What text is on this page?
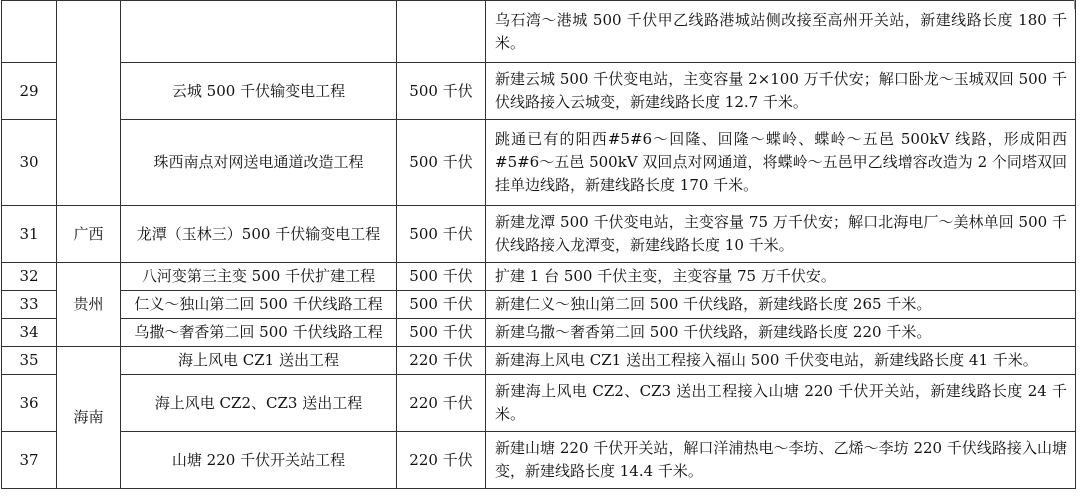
				乌石湾～港城 500 千伏甲乙线路港城站侧改接至高州开关站，新建线路长度 180 千米。
29		云城 500 千伏输变电工程	500 千伏	新建云城 500 千伏变电站，主变容量 2×100 万千伏安；解口卧龙～玉城双回 500 千伏线路接入云城变，新建线路长度 12.7 千米。
30		珠西南点对网送电通道改造工程	500 千伏	跳通已有的阳西#5#6～回隆、回隆～蝶岭、蝶岭～五邑 500kV 线路，形成阳西#5#6～五邑 500kV 双回点对网通道，将蝶岭～五邑甲乙线增容改造为 2 个同塔双回挂单边线路，新建线路长度 170 千米。
31	广西	龙潭（玉林三）500 千伏输变电工程	500 千伏	新建龙潭 500 千伏变电站，主变容量 75 万千伏安；解口北海电厂～美林单回 500 千伏线路接入龙潭变，新建线路长度 10 千米。
32	贵州	八河变第三主变 500 千伏扩建工程	500 千伏	扩建 1 台 500 千伏主变，主变容量 75 万千伏安。
33		仁义～独山第二回 500 千伏线路工程	500 千伏	新建仁义～独山第二回 500 千伏线路，新建线路长度 265 千米。
34		乌撒～奢香第二回 500 千伏线路工程	500 千伏	新建乌撒～奢香第二回 500 千伏线路，新建线路长度 220 千米。
35	海南	海上风电 CZ1 送出工程	220 千伏	新建海上风电 CZ1 送出工程接入福山 500 千伏变电站，新建线路长度 41 千米。
36		海上风电 CZ2、CZ3 送出工程	220 千伏	新建海上风电 CZ2、CZ3 送出工程接入山塘 220 千伏开关站，新建线路长度 24 千米。
37		山塘 220 千伏开关站工程	220 千伏	新建山塘 220 千伏开关站，解口洋浦热电～李坊、乙烯～李坊 220 千伏线路接入山塘变，新建线路长度 14.4 千米。
